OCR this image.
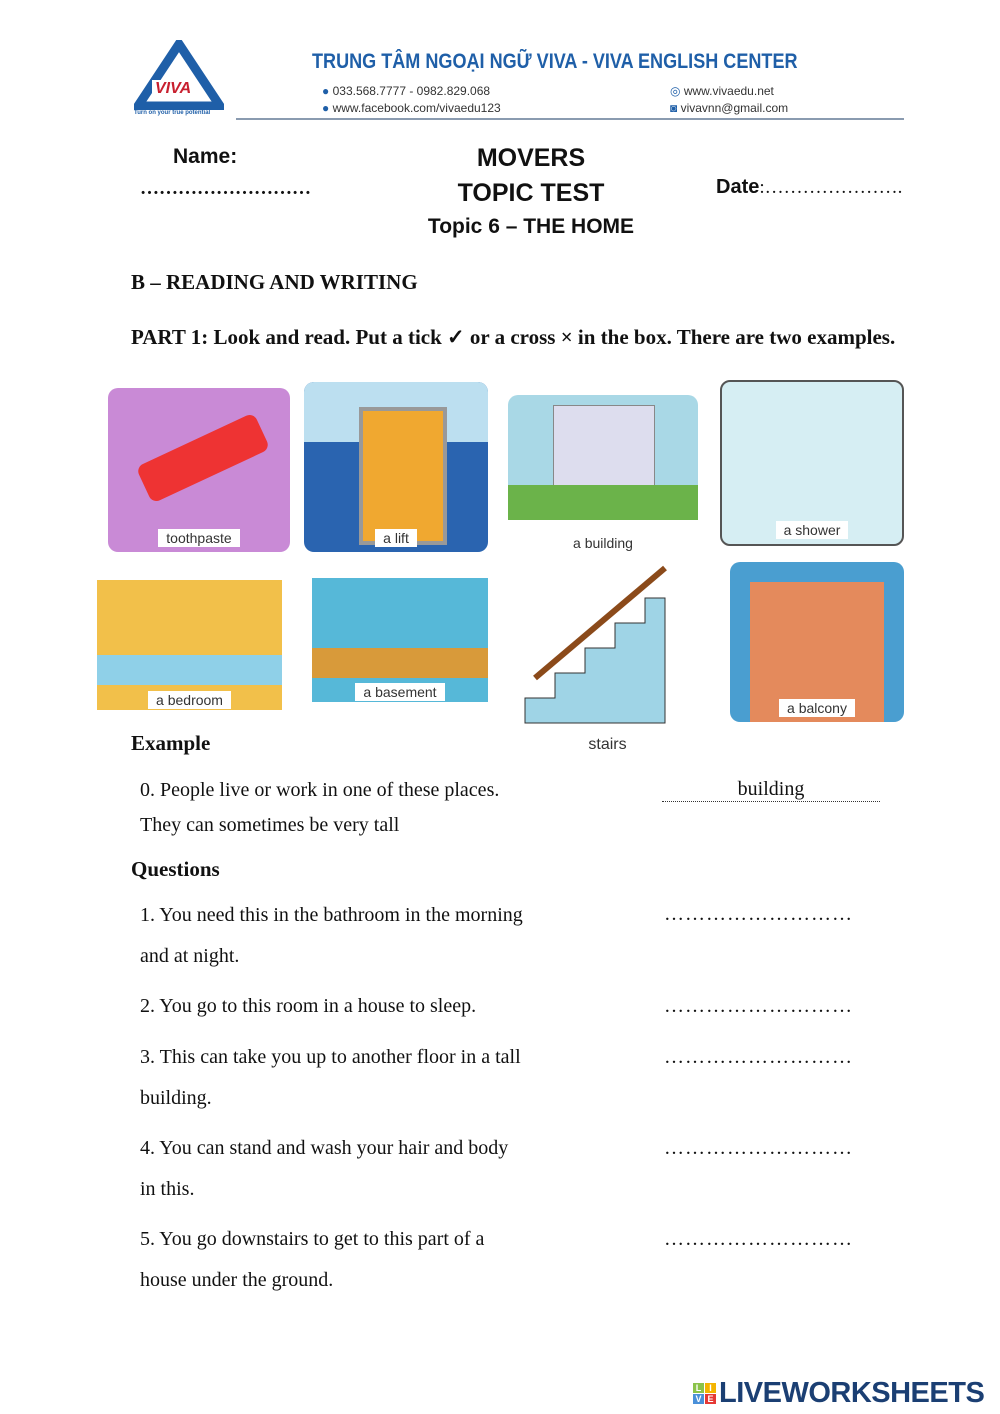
VIVA
Turn on your true potential
TRUNG TÂM NGOẠI NGỮ VIVA - VIVA ENGLISH CENTER
● 033.568.7777 - 0982.829.068
● www.facebook.com/vivaedu123
◎ www.vivaedu.net
◙ vivavnn@gmail.com
Name:
………………………
MOVERS
TOPIC TEST
Topic 6 – THE HOME
Date:………………….
B – READING AND WRITING
PART 1: Look and read. Put a tick ✓ or a cross × in the box. There are two examples.
toothpaste	a lift	a building
a shower
a bedroom	a basement
stairs
a balcony
Example
0. People live or work in one of these places.
They can sometimes be very tall
building
Questions
1. You need this in the bathroom in the morning
and at night.
………………………
2. You go to this room in a house to sleep.	………………………
3. This can take you up to another floor in a tall
building.
………………………
4. You can stand and wash your hair and body
in this.
………………………
5. You go downstairs to get to this part of a
house under the ground.
………………………
L I
V E LIVEWORKSHEETS
